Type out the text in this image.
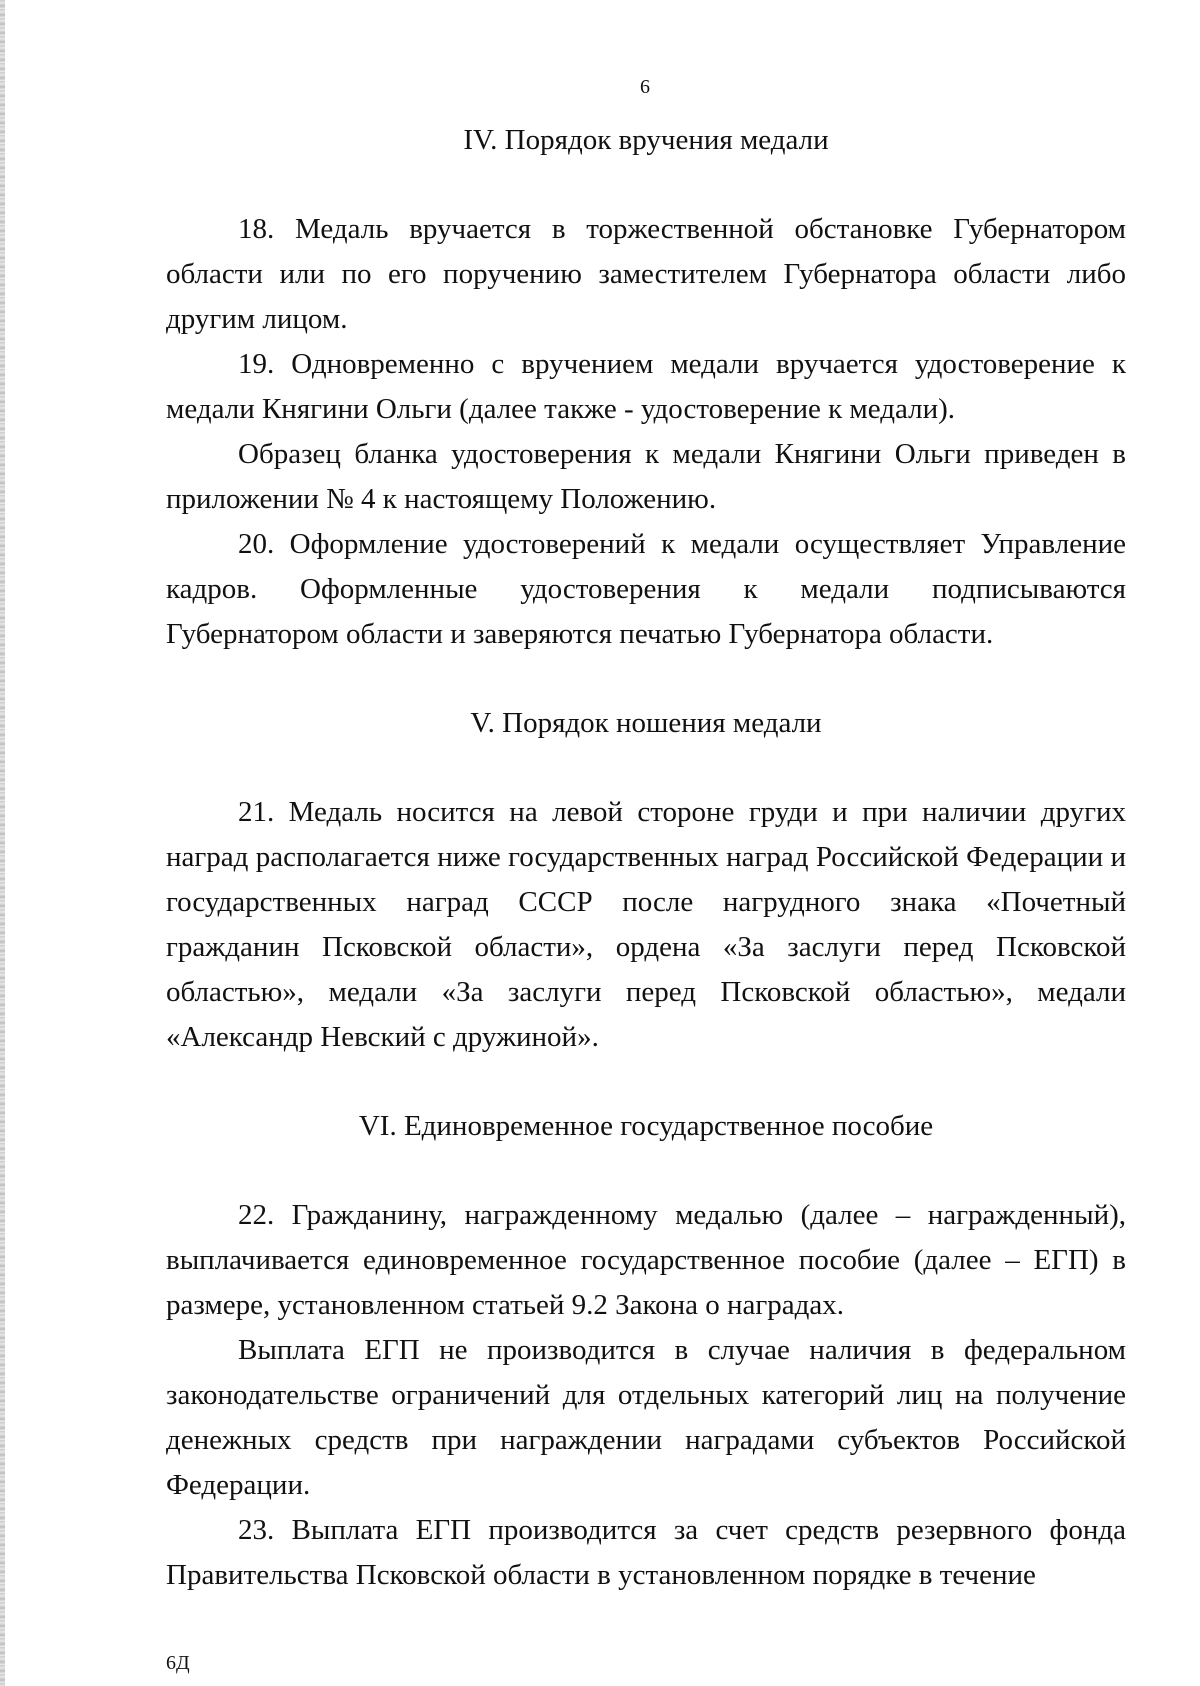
6

IV. Порядок вручения медали

18. Медаль вручается в торжественной обстановке Губернатором области или по его поручению заместителем Губернатора области либо другим лицом.

19. Одновременно с вручением медали вручается удостоверение к медали Княгини Ольги (далее также - удостоверение к медали).

Образец бланка удостоверения к медали Княгини Ольги приведен в приложении № 4 к настоящему Положению.

20. Оформление удостоверений к медали осуществляет Управление кадров. Оформленные удостоверения к медали подписываются Губернатором области и заверяются печатью Губернатора области.

V. Порядок ношения медали

21. Медаль носится на левой стороне груди и при наличии других наград располагается ниже государственных наград Российской Федерации и государственных наград СССР после нагрудного знака «Почетный гражданин Псковской области», ордена «За заслуги перед Псковской областью», медали «За заслуги перед Псковской областью», медали «Александр Невский с дружиной».

VI. Единовременное государственное пособие

22. Гражданину, награжденному медалью (далее – награжденный), выплачивается единовременное государственное пособие (далее – ЕГП) в размере, установленном статьей 9.2 Закона о наградах.

Выплата ЕГП не производится в случае наличия в федеральном законодательстве ограничений для отдельных категорий лиц на получение денежных средств при награждении наградами субъектов Российской Федерации.

23. Выплата ЕГП производится за счет средств резервного фонда Правительства Псковской области в установленном порядке в течение

6Д
